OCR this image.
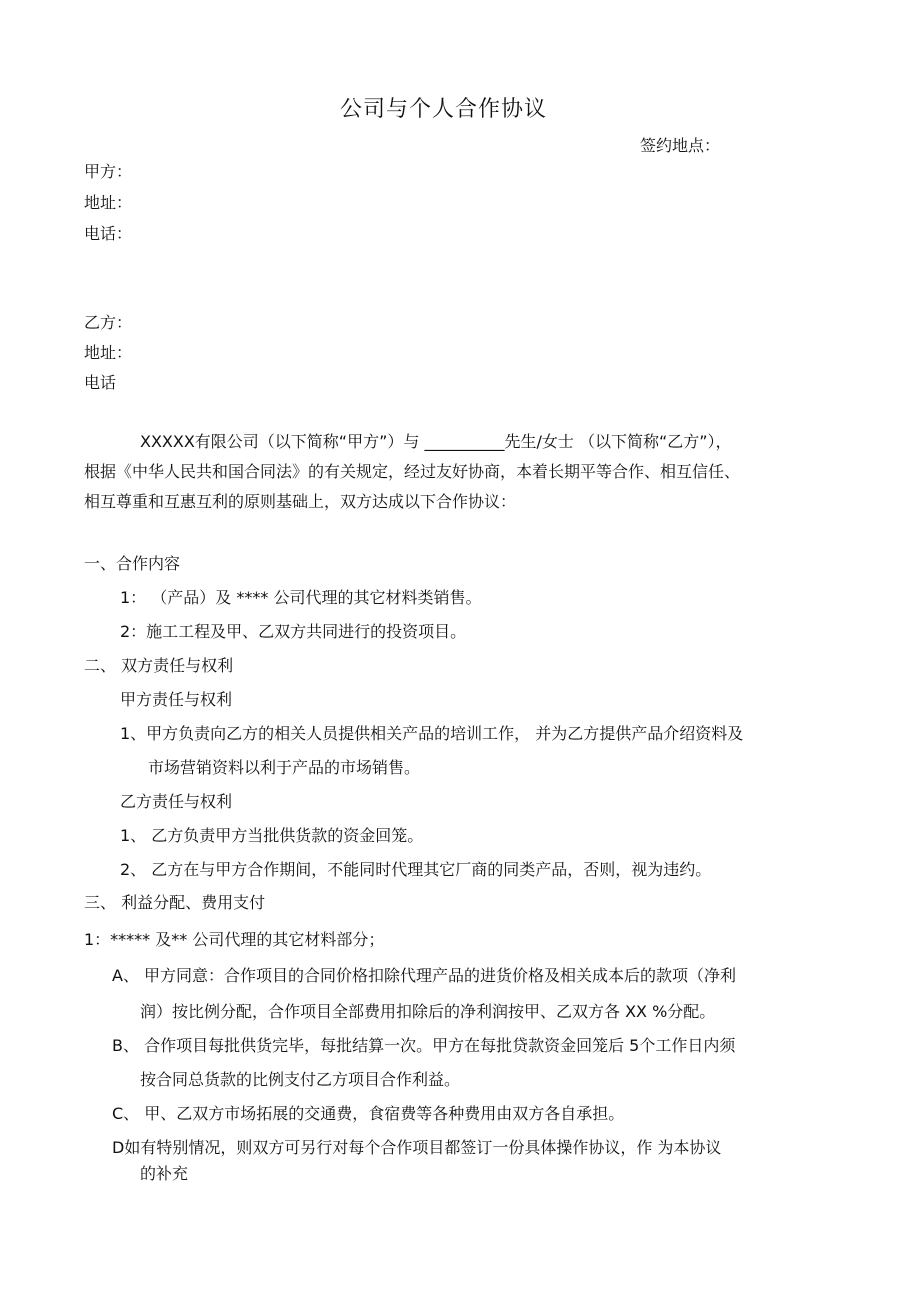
公司与个人合作协议
签约地点：
甲方：
地址：
电话：
乙方：
地址：
电话
XXXXX有限公司（以下简称“甲方”）与 __________先生/女士 （以下简称“乙方”），
根据《中华人民共和国合同法》的有关规定，经过友好协商，本着长期平等合作、相互信任、
相互尊重和互惠互利的原则基础上，双方达成以下合作协议：
一、合作内容
1： （产品）及 **** 公司代理的其它材料类销售。
2：施工工程及甲、乙双方共同进行的投资项目。
二、 双方责任与权利
甲方责任与权利
1、甲方负责向乙方的相关人员提供相关产品的培训工作， 并为乙方提供产品介绍资料及
市场营销资料以利于产品的市场销售。
乙方责任与权利
1、 乙方负责甲方当批供货款的资金回笼。
2、 乙方在与甲方合作期间，不能同时代理其它厂商的同类产品，否则，视为违约。
三、 利益分配、费用支付
1：***** 及** 公司代理的其它材料部分；
A、 甲方同意：合作项目的合同价格扣除代理产品的进货价格及相关成本后的款项（净利
润）按比例分配，合作项目全部费用扣除后的净利润按甲、乙双方各 XX %分配。
B、 合作项目每批供货完毕，每批结算一次。甲方在每批贷款资金回笼后 5个工作日内须
按合同总货款的比例支付乙方项目合作利益。
C、 甲、乙双方市场拓展的交通费，食宿费等各种费用由双方各自承担。
D如有特别情况，则双方可另行对每个合作项目都签订一份具体操作协议，作 为本协议
的补充
